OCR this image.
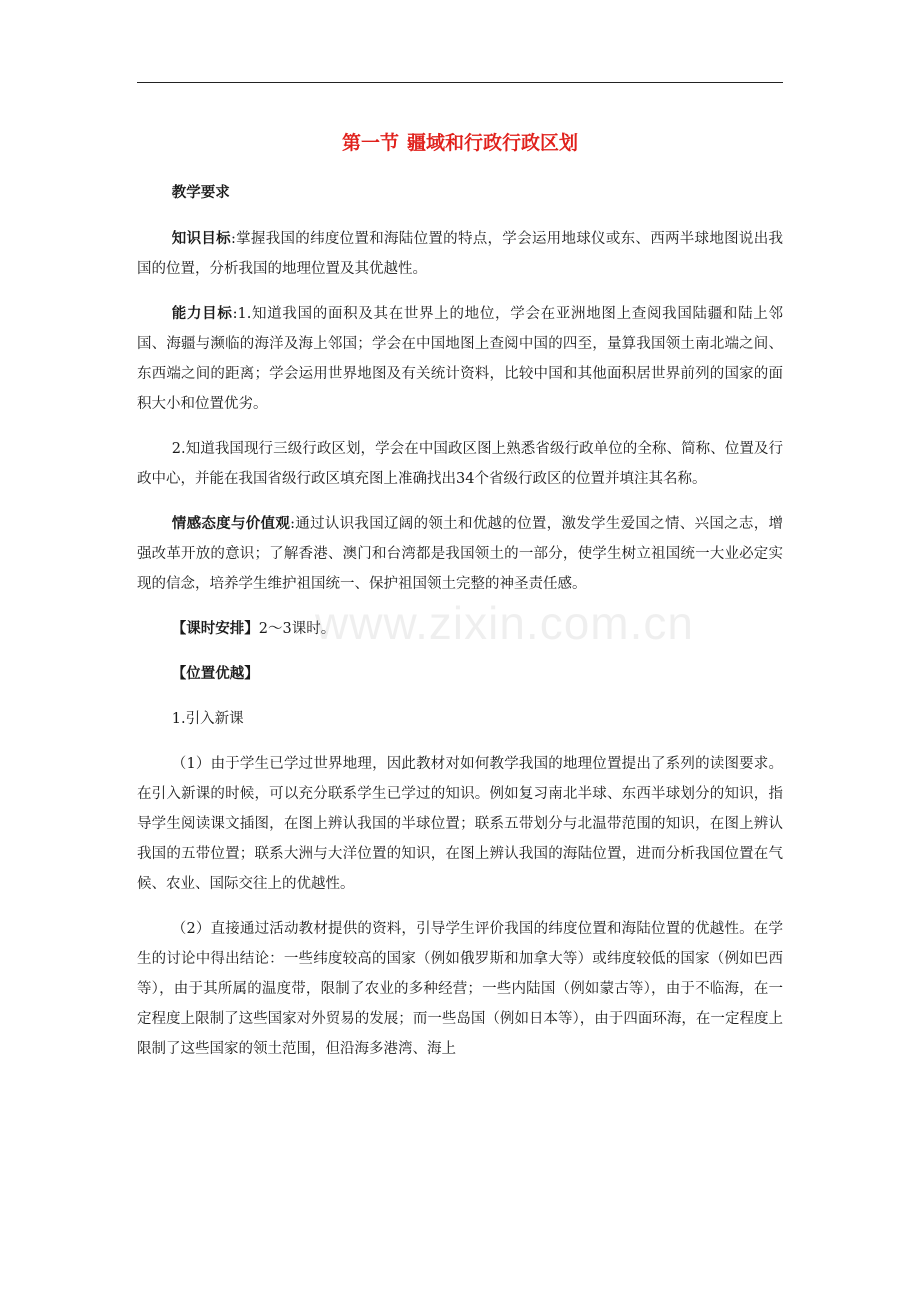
第一节 疆域和行政行政区划

教学要求

知识目标:掌握我国的纬度位置和海陆位置的特点，学会运用地球仪或东、西两半球地图说出我国的位置，分析我国的地理位置及其优越性。

能力目标:1.知道我国的面积及其在世界上的地位，学会在亚洲地图上查阅我国陆疆和陆上邻国、海疆与濒临的海洋及海上邻国；学会在中国地图上查阅中国的四至，量算我国领土南北端之间、东西端之间的距离；学会运用世界地图及有关统计资料，比较中国和其他面积居世界前列的国家的面积大小和位置优劣。

2.知道我国现行三级行政区划，学会在中国政区图上熟悉省级行政单位的全称、简称、位置及行政中心，并能在我国省级行政区填充图上准确找出34个省级行政区的位置并填注其名称。

情感态度与价值观:通过认识我国辽阔的领土和优越的位置，激发学生爱国之情、兴国之志，增强改革开放的意识；了解香港、澳门和台湾都是我国领土的一部分，使学生树立祖国统一大业必定实现的信念，培养学生维护祖国统一、保护祖国领土完整的神圣责任感。

【课时安排】2～3课时。

【位置优越】

1.引入新课

（1）由于学生已学过世界地理，因此教材对如何教学我国的地理位置提出了系列的读图要求。在引入新课的时候，可以充分联系学生已学过的知识。例如复习南北半球、东西半球划分的知识，指导学生阅读课文插图，在图上辨认我国的半球位置；联系五带划分与北温带范围的知识，在图上辨认我国的五带位置；联系大洲与大洋位置的知识，在图上辨认我国的海陆位置，进而分析我国位置在气候、农业、国际交往上的优越性。

（2）直接通过活动教材提供的资料，引导学生评价我国的纬度位置和海陆位置的优越性。在学生的讨论中得出结论：一些纬度较高的国家（例如俄罗斯和加拿大等）或纬度较低的国家（例如巴西等），由于其所属的温度带，限制了农业的多种经营；一些内陆国（例如蒙古等），由于不临海，在一定程度上限制了这些国家对外贸易的发展；而一些岛国（例如日本等），由于四面环海，在一定程度上限制了这些国家的领土范围，但沿海多港湾、海上

www.zixin.com.cn
